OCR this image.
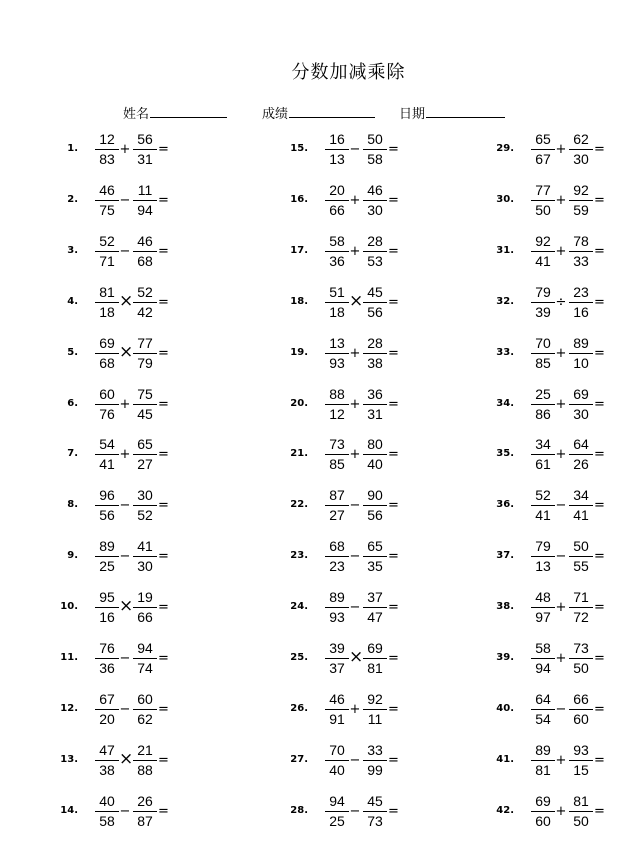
分数加减乘除
姓名	成绩	日期
1.
12
83
+
56
31
=
2.
46
75
−
11
94
=
3.
52
71
−
46
68
=
4.
81
18
× 52
42
=
5.
69
68
× 77
79
=
6.
60
76
+
75
45
=
7.
54
41
+
65
27
=
8.
96
56
−
30
52
=
9.
89
25
−
41
30
=
10.
95
16
× 19
66
=
11.
76
36
−
94
74
=
12.
67
20
−
60
62
=
13.
47
38
× 21
88
=
14.
40
58
−
26
87
=
15.
16
13
−
50
58
=
16.
20
66
+
46
30
=
17.
58
36
+
28
53
=
18.
51
18
× 45
56
=
19.
13
93
+
28
38
=
20.
88
12
+
36
31
=
21.
73
85
+
80
40
=
22.
87
27
−
90
56
=
23.
68
23
−
65
35
=
24.
89
93
−
37
47
=
25.
39
37
× 69
81
=
26.
46
91
+
92
11
=
27.
70
40
−
33
99
=
28.
94
25
−
45
73
=
29.
65
67
+
62
30
=
30.
77
50
+
92
59
=
31.
92
41
+
78
33
=
32.
79
39
÷
23
16
=
33.
70
85
+
89
10
=
34.
25
86
+
69
30
=
35.
34
61
+
64
26
=
36.
52
41
−
34
41
=
37.
79
13
−
50
55
=
38.
48
97
+
71
72
=
39.
58
94
+
73
50
=
40.
64
54
−
66
60
=
41.
89
81
+
93
15
=
42.
69
60
+
81
50
=
